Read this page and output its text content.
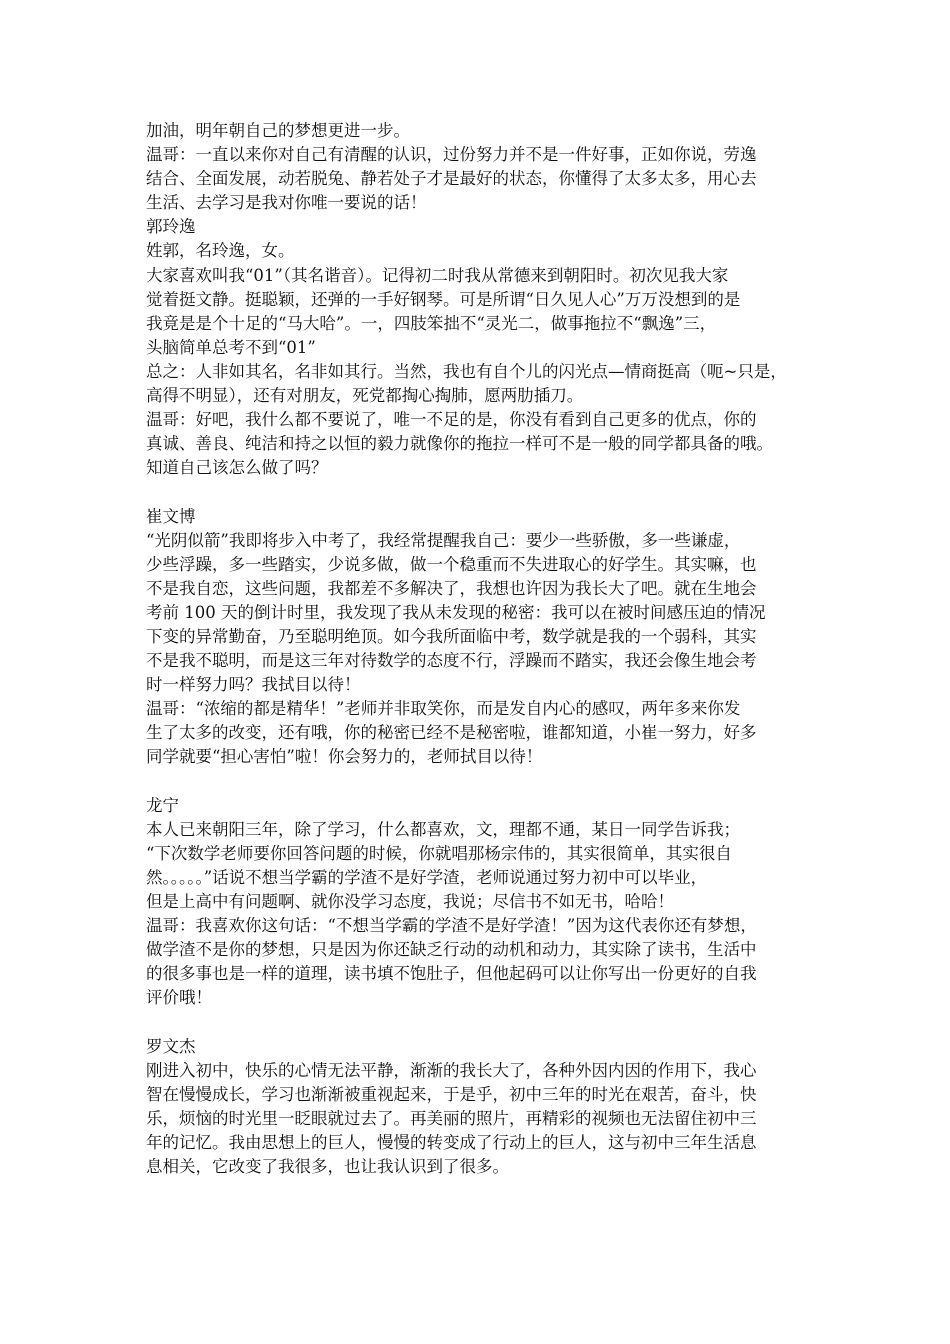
加油，明年朝自己的梦想更进一步。
温哥：一直以来你对自己有清醒的认识，过份努力并不是一件好事，正如你说，劳逸
结合、全面发展，动若脱兔、静若处子才是最好的状态，你懂得了太多太多，用心去
生活、去学习是我对你唯一要说的话！
郭玲逸
姓郭，名玲逸，女。
大家喜欢叫我“01”（其名谐音）。记得初二时我从常德来到朝阳时。初次见我大家
觉着挺文静。挺聪颖，还弹的一手好钢琴。可是所谓“日久见人心”万万没想到的是
我竟是是个十足的“马大哈”。一，四肢笨拙不“灵光二，做事拖拉不“飘逸”三，
头脑简单总考不到“01”
总之：人非如其名，名非如其行。当然，我也有自个儿的闪光点—情商挺高（呃~只是，
高得不明显），还有对朋友，死党都掏心掏肺，愿两肋插刀。
温哥：好吧，我什么都不要说了，唯一不足的是，你没有看到自己更多的优点，你的
真诚、善良、纯洁和持之以恒的毅力就像你的拖拉一样可不是一般的同学都具备的哦。
知道自己该怎么做了吗？
崔文博
“光阴似箭”我即将步入中考了，我经常提醒我自己：要少一些骄傲，多一些谦虚，
少些浮躁，多一些踏实，少说多做，做一个稳重而不失进取心的好学生。其实嘛，也
不是我自恋，这些问题，我都差不多解决了，我想也许因为我长大了吧。就在生地会
考前 100 天的倒计时里，我发现了我从未发现的秘密：我可以在被时间感压迫的情况
下变的异常勤奋，乃至聪明绝顶。如今我所面临中考，数学就是我的一个弱科，其实
不是我不聪明，而是这三年对待数学的态度不行，浮躁而不踏实，我还会像生地会考
时一样努力吗？我拭目以待！
温哥：“浓缩的都是精华！”老师并非取笑你，而是发自内心的感叹，两年多来你发
生了太多的改变，还有哦，你的秘密已经不是秘密啦，谁都知道，小崔一努力，好多
同学就要“担心害怕”啦！你会努力的，老师拭目以待！
龙宁
本人已来朝阳三年，除了学习，什么都喜欢，文，理都不通，某日一同学告诉我；
“下次数学老师要你回答问题的时候，你就唱那杨宗伟的，其实很简单，其实很自
然。。。。。”话说不想当学霸的学渣不是好学渣，老师说通过努力初中可以毕业，
但是上高中有问题啊、就你没学习态度，我说；尽信书不如无书，哈哈！
温哥：我喜欢你这句话：“不想当学霸的学渣不是好学渣！”因为这代表你还有梦想，
做学渣不是你的梦想，只是因为你还缺乏行动的动机和动力，其实除了读书，生活中
的很多事也是一样的道理，读书填不饱肚子，但他起码可以让你写出一份更好的自我
评价哦！
罗文杰
刚进入初中，快乐的心情无法平静，渐渐的我长大了，各种外因内因的作用下，我心
智在慢慢成长，学习也渐渐被重视起来，于是乎，初中三年的时光在艰苦，奋斗，快
乐，烦恼的时光里一眨眼就过去了。再美丽的照片，再精彩的视频也无法留住初中三
年的记忆。我由思想上的巨人，慢慢的转变成了行动上的巨人，这与初中三年生活息
息相关，它改变了我很多，也让我认识到了很多。
